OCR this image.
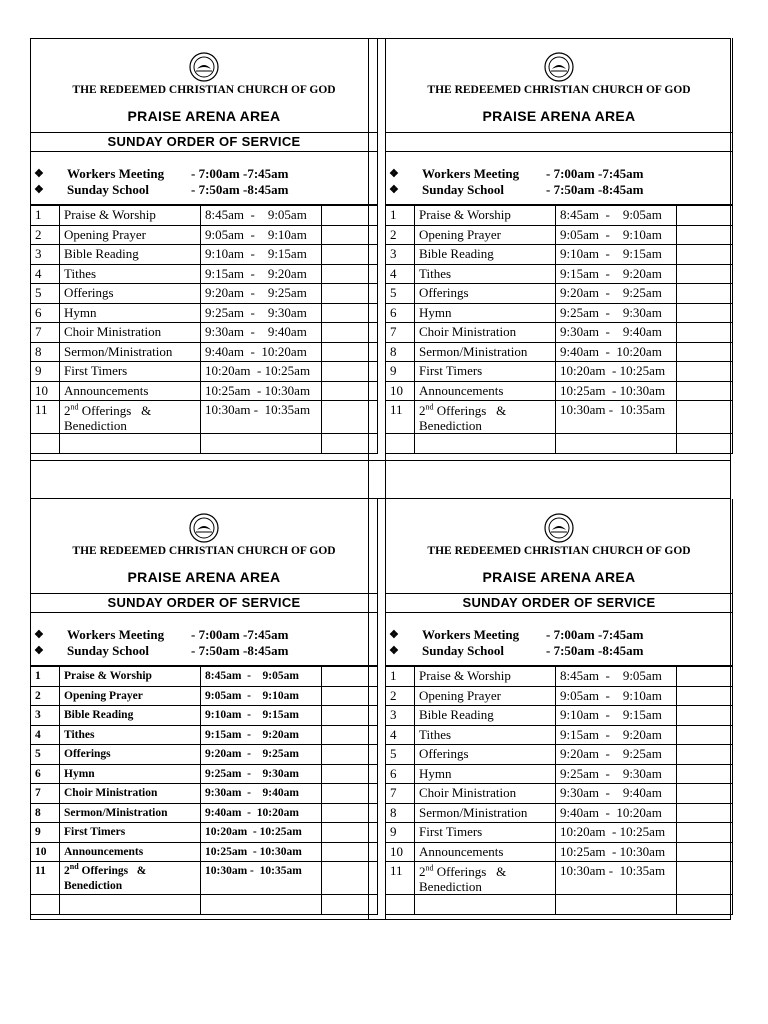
THE REDEEMED CHRISTIAN CHURCH OF GOD
PRAISE ARENA AREA
SUNDAY ORDER OF SERVICE
❖ Workers Meeting - 7:00am -7:45am
❖ Sunday School	- 7:50am -8:45am
1	Praise & Worship	8:45am  -    9:05am	
2	Opening Prayer	9:05am  -    9:10am	
3	Bible Reading	9:10am  -    9:15am	
4	Tithes	9:15am  -    9:20am	
5	Offerings	9:20am  -    9:25am	
6	Hymn	9:25am  -    9:30am	
7	Choir Ministration	9:30am  -    9:40am	
8	Sermon/Ministration	9:40am  -  10:20am	
9	First Timers	10:20am  - 10:25am	
10	Announcements	10:25am  - 10:30am	
11	2nd Offerings   &
Benediction	10:30am -  10:35am	

THE REDEEMED CHRISTIAN CHURCH OF GOD
PRAISE ARENA AREA
❖ Workers Meeting - 7:00am -7:45am
❖ Sunday School	- 7:50am -8:45am
1	Praise & Worship	8:45am  -    9:05am	
2	Opening Prayer	9:05am  -    9:10am	
3	Bible Reading	9:10am  -    9:15am	
4	Tithes	9:15am  -    9:20am	
5	Offerings	9:20am  -    9:25am	
6	Hymn	9:25am  -    9:30am	
7	Choir Ministration	9:30am  -    9:40am	
8	Sermon/Ministration	9:40am  -  10:20am	
9	First Timers	10:20am  - 10:25am	
10	Announcements	10:25am  - 10:30am	
11	2nd Offerings   &
Benediction	10:30am -  10:35am	

THE REDEEMED CHRISTIAN CHURCH OF GOD
PRAISE ARENA AREA
SUNDAY ORDER OF SERVICE
❖ Workers Meeting - 7:00am -7:45am
❖ Sunday School	- 7:50am -8:45am
1	Praise & Worship	8:45am  -    9:05am	
2	Opening Prayer	9:05am  -    9:10am	
3	Bible Reading	9:10am  -    9:15am	
4	Tithes	9:15am  -    9:20am	
5	Offerings	9:20am  -    9:25am	
6	Hymn	9:25am  -    9:30am	
7	Choir Ministration	9:30am  -    9:40am	
8	Sermon/Ministration	9:40am  -  10:20am	
9	First Timers	10:20am  - 10:25am	
10	Announcements	10:25am  - 10:30am	
11	2nd Offerings   &
Benediction	10:30am -  10:35am	

THE REDEEMED CHRISTIAN CHURCH OF GOD
PRAISE ARENA AREA
SUNDAY ORDER OF SERVICE
❖ Workers Meeting - 7:00am -7:45am
❖ Sunday School	- 7:50am -8:45am
1	Praise & Worship	8:45am  -    9:05am	
2	Opening Prayer	9:05am  -    9:10am	
3	Bible Reading	9:10am  -    9:15am	
4	Tithes	9:15am  -    9:20am	
5	Offerings	9:20am  -    9:25am	
6	Hymn	9:25am  -    9:30am	
7	Choir Ministration	9:30am  -    9:40am	
8	Sermon/Ministration	9:40am  -  10:20am	
9	First Timers	10:20am  - 10:25am	
10	Announcements	10:25am  - 10:30am	
11	2nd Offerings   &
Benediction	10:30am -  10:35am	
